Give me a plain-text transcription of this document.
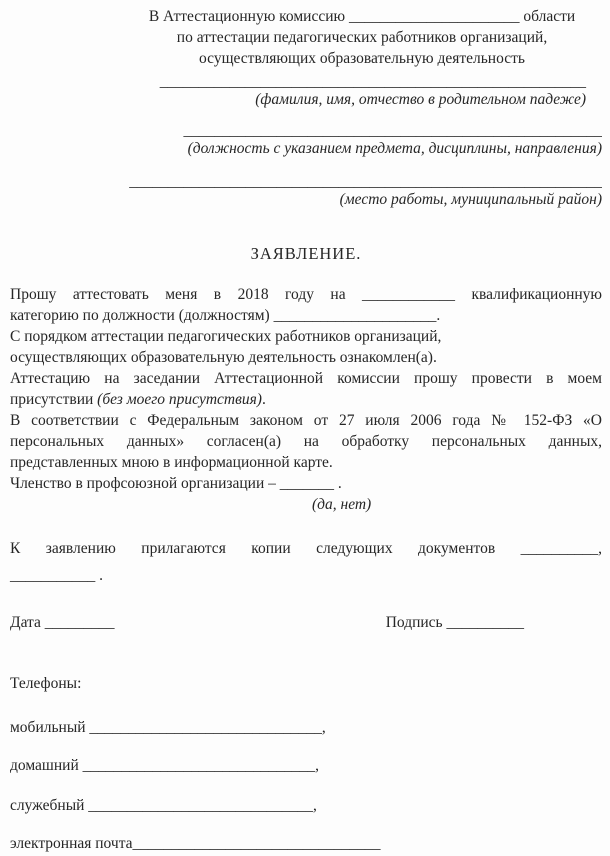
В Аттестационную комиссию ______________________ области
по аттестации педагогических работников организаций,
осуществляющих образовательную деятельность
_______________________________________________________
(фамилия, имя, отчество в родительном падеже)
______________________________________________________
(должность с указанием предмета, дисциплины, направления)
_____________________________________________________________
(место работы, муниципальный район)
ЗАЯВЛЕНИЕ.
Прошу аттестовать меня в 2018 году на ____________ квалификационную
категорию по должности (должностям) _____________________.
С порядком аттестации педагогических работников организаций,
осуществляющих образовательную деятельность ознакомлен(а).
Аттестацию на заседании Аттестационной комиссии прошу провести в моем
присутствии (без моего присутствия).
В соответствии с Федеральным законом от 27 июля 2006 года № 152-ФЗ «О
персональных данных» согласен(а) на обработку персональных данных,
представленных мною в информационной карте.
Членство в профсоюзной организации – _______ .
(да, нет)
К заявлению прилагаются копии следующих документов __________,
___________ .
Дата _________	Подпись __________
Телефоны:
мобильный ______________________________,
домашний ______________________________,
служебный _____________________________,
электронная почта________________________________
